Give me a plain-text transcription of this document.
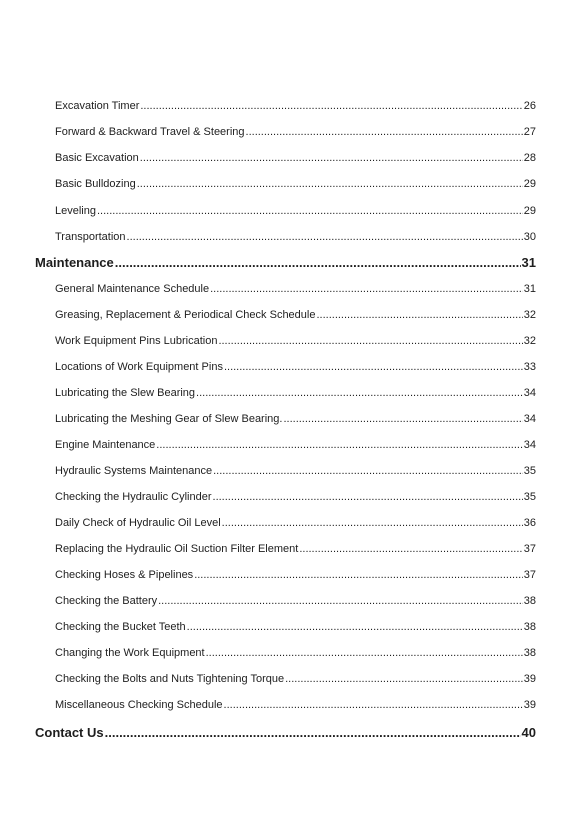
Excavation Timer .....	26
Forward & Backward Travel & Steering .....	27
Basic Excavation .....	28
Basic Bulldozing .....	29
Leveling .....	29
Transportation .....	30
Maintenance .....	31
General Maintenance Schedule .....	31
Greasing, Replacement & Periodical Check Schedule .....	32
Work Equipment Pins Lubrication .....	32
Locations of Work Equipment Pins .....	33
Lubricating the Slew Bearing .....	34
Lubricating the Meshing Gear of Slew Bearing. .....	34
Engine Maintenance .....	34
Hydraulic Systems Maintenance .....	35
Checking the Hydraulic Cylinder .....	35
Daily Check of Hydraulic Oil Level .....	36
Replacing the Hydraulic Oil Suction Filter Element .....	37
Checking Hoses & Pipelines .....	37
Checking the Battery .....	38
Checking the Bucket Teeth .....	38
Changing the Work Equipment .....	38
Checking the Bolts and Nuts Tightening Torque .....	39
Miscellaneous Checking Schedule .....	39
Contact Us .....	40
